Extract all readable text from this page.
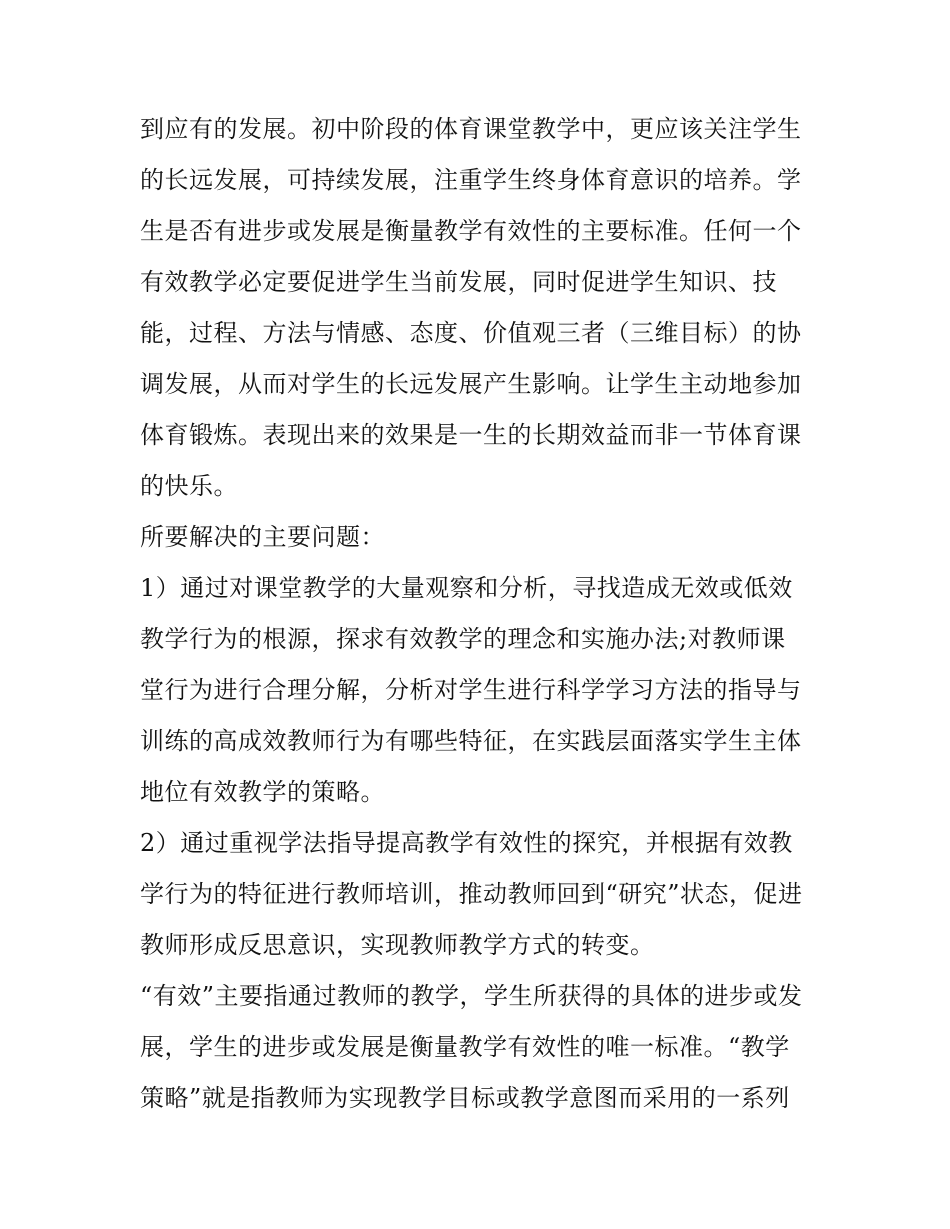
到应有的发展。初中阶段的体育课堂教学中，更应该关注学生
的长远发展，可持续发展，注重学生终身体育意识的培养。学
生是否有进步或发展是衡量教学有效性的主要标准。任何一个
有效教学必定要促进学生当前发展，同时促进学生知识、技
能，过程、方法与情感、态度、价值观三者（三维目标）的协
调发展，从而对学生的长远发展产生影响。让学生主动地参加
体育锻炼。表现出来的效果是一生的长期效益而非一节体育课
的快乐。
所要解决的主要问题：
1）通过对课堂教学的大量观察和分析，寻找造成无效或低效
教学行为的根源，探求有效教学的理念和实施办法;对教师课
堂行为进行合理分解，分析对学生进行科学学习方法的指导与
训练的高成效教师行为有哪些特征，在实践层面落实学生主体
地位有效教学的策略。
2）通过重视学法指导提高教学有效性的探究，并根据有效教
学行为的特征进行教师培训，推动教师回到“研究”状态，促进
教师形成反思意识，实现教师教学方式的转变。
“有效”主要指通过教师的教学，学生所获得的具体的进步或发
展，学生的进步或发展是衡量教学有效性的唯一标准。“教学
策略”就是指教师为实现教学目标或教学意图而采用的一系列
